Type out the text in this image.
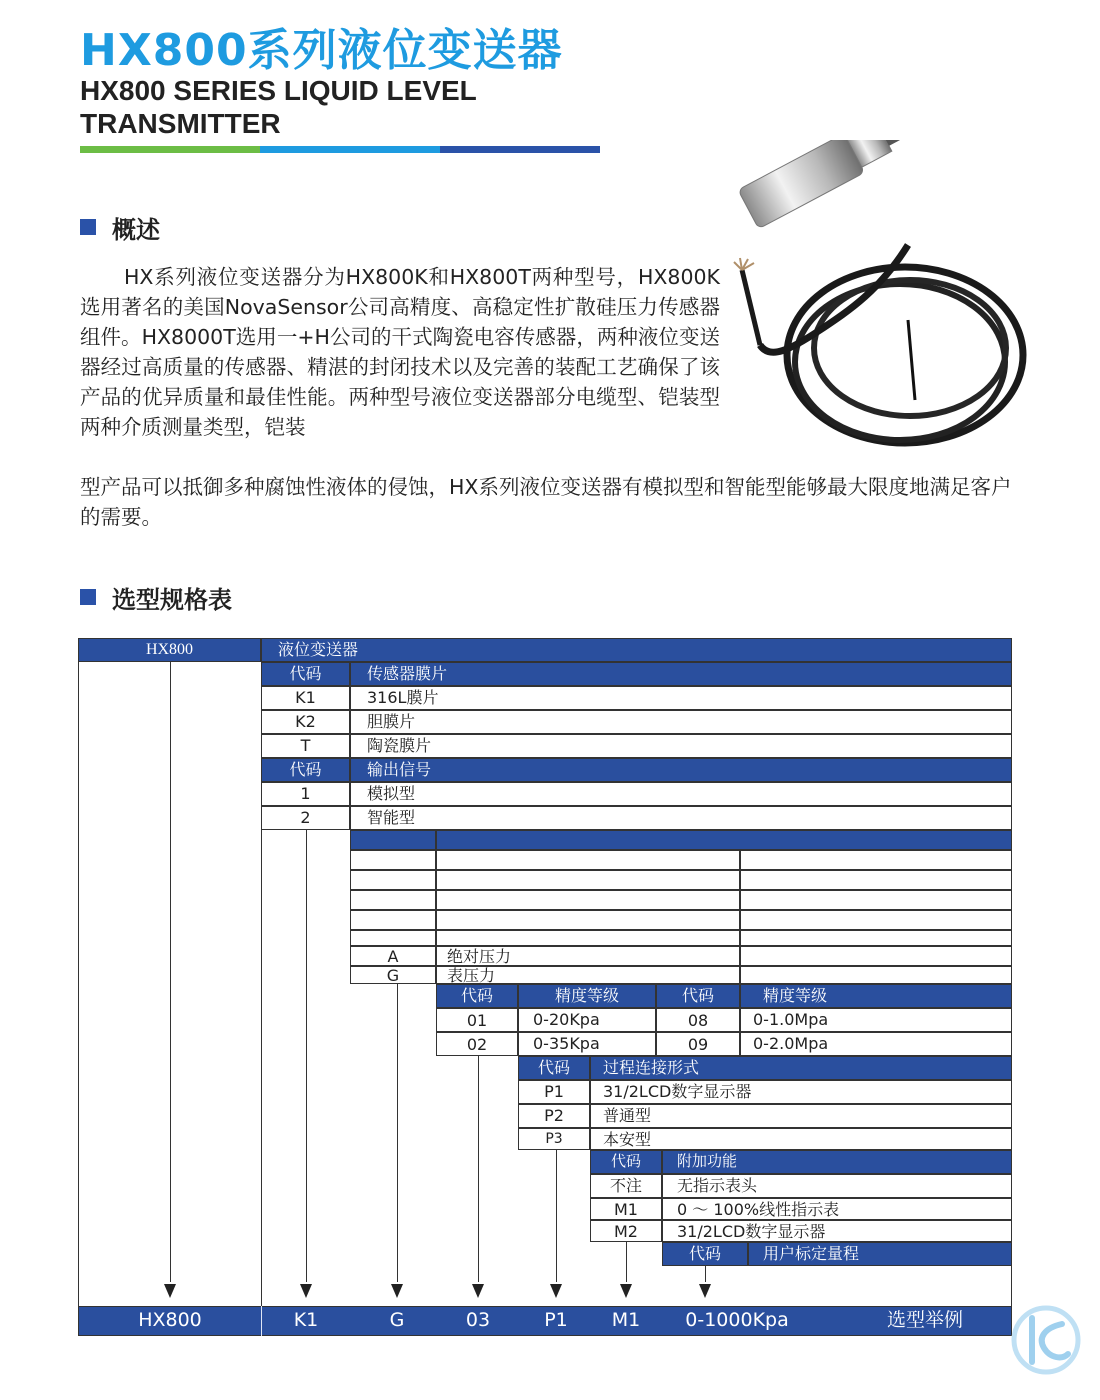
HX800系列液位变送器
HX800 SERIES LIQUID LEVEL TRANSMITTER
概述
HX系列液位变送器分为HX800K和HX800T两种型号，HX800K选用著名的美国NovaSensor公司高精度、高稳定性扩散硅压力传感器组件。HX8000T选用一+H公司的干式陶瓷电容传感器，两种液位变送器经过高质量的传感器、精湛的封闭技术以及完善的装配工艺确保了该产品的优异质量和最佳性能。两种型号液位变送器部分电缆型、铠装型两种介质测量类型，铠装
型产品可以抵御多种腐蚀性液体的侵蚀，HX系列液位变送器有模拟型和智能型能够最大限度地满足客户的需要。
选型规格表
HX800	液位变送器
代码	传感器膜片
K1	316L膜片
K2	胆膜片
T	陶瓷膜片
代码	输出信号
1	模拟型
2	智能型
A	绝对压力
G	表压力
代码	精度等级	代码	精度等级
01	0-20Kpa	08	0-1.0Mpa
02	0-35Kpa	09	0-2.0Mpa
代码	过程连接形式
P1	31/2LCD数字显示器
P2	普通型
P3	本安型
代码	附加功能
不注	无指示表头
M1	0 ～ 100%线性指示表
M2	31/2LCD数字显示器
代码	用户标定量程
HX800	K1	G	03	P1	M1	0-1000Kpa	选型举例
